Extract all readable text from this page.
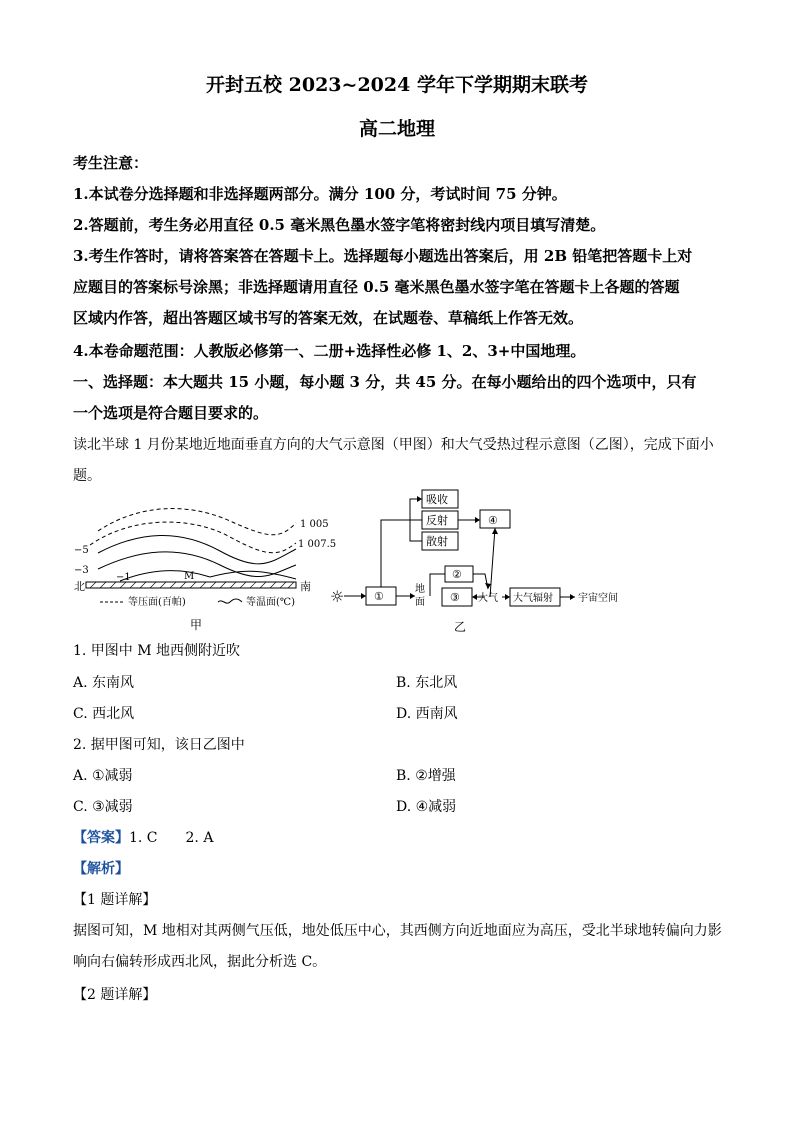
开封五校 2023~2024 学年下学期期末联考
高二地理
考生注意：
1.本试卷分选择题和非选择题两部分。满分 100 分，考试时间 75 分钟。
2.答题前，考生务必用直径 0.5 毫米黑色墨水签字笔将密封线内项目填写清楚。
3.考生作答时，请将答案答在答题卡上。选择题每小题选出答案后，用 2B 铅笔把答题卡上对
应题目的答案标号涂黑；非选择题请用直径 0.5 毫米黑色墨水签字笔在答题卡上各题的答题
区域内作答，超出答题区域书写的答案无效，在试题卷、草稿纸上作答无效。
4.本卷命题范围：人教版必修第一、二册+选择性必修 1、2、3+中国地理。
一、选择题：本大题共 15 小题，每小题 3 分，共 45 分。在每小题给出的四个选项中，只有
一个选项是符合题目要求的。
读北半球 1 月份某地近地面垂直方向的大气示意图（甲图）和大气受热过程示意图（乙图），完成下面小
题。
1 005
1 007.5
−5
−3
−1	M
北	南
等压面(百帕)	等温面(℃)
甲
吸收
反射
散射
④
①
②
③
地
面	大气 大气辐射	宇宙空间
☼
乙
1. 甲图中 M 地西侧附近吹
A. 东南风	B. 东北风
C. 西北风	D. 西南风
2. 据甲图可知，该日乙图中
A. ①减弱	B. ②增强
C. ③减弱	D. ④减弱
【答案】1. C　　2. A
【解析】
【1 题详解】
据图可知，M 地相对其两侧气压低，地处低压中心，其西侧方向近地面应为高压，受北半球地转偏向力影
响向右偏转形成西北风，据此分析选 C。
【2 题详解】
